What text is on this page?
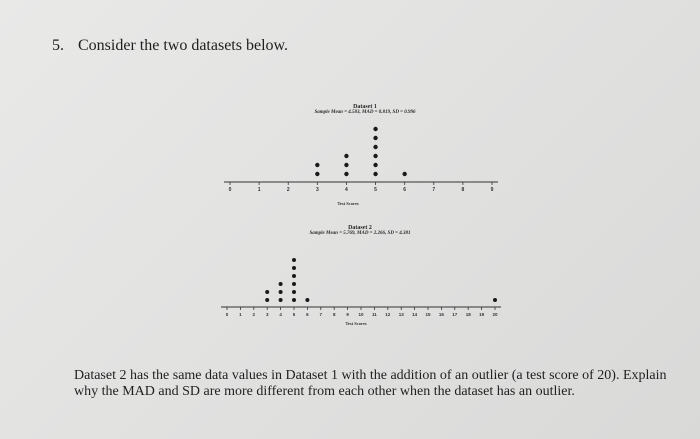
5. Consider the two datasets below.
Dataset 1
Sample Mean = 4.583, MAD = 0.819, SD = 0.996
Test Scores
Dataset 2
Sample Mean = 5.769, MAD = 2.266, SD = 4.381
Test Scores
0	1	2	3	4	5	6	7	8	9
0 1 2 3 4 5 6 7 8 9 10 11 12 13 14 15 16 17 18 19 20
Dataset 2 has the same data values in Dataset 1 with the addition of an outlier (a test score of 20). Explain why the MAD and SD are more different from each other when the dataset has an outlier.
